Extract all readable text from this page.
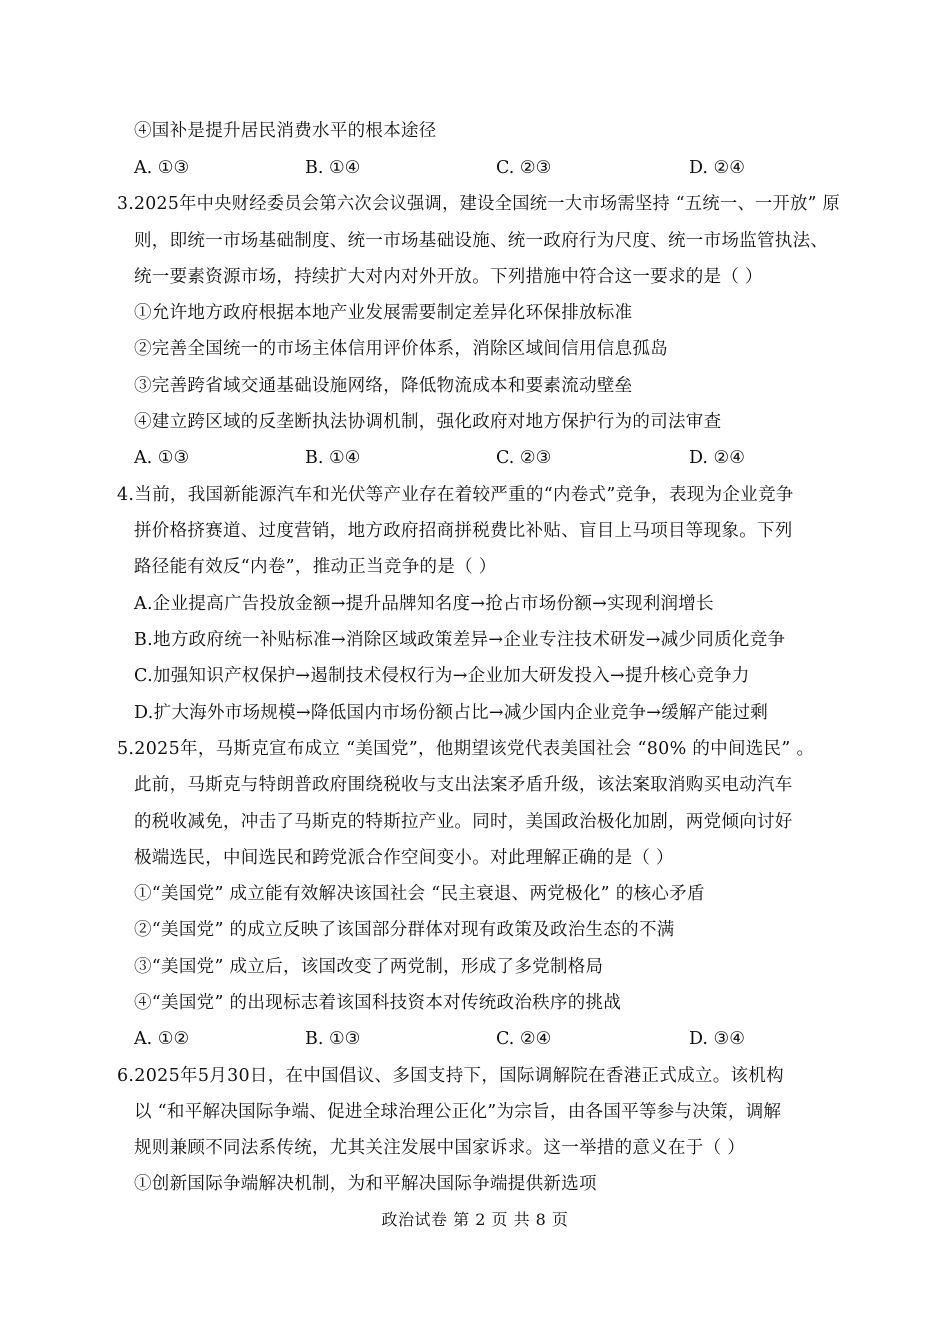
④国补是提升居民消费水平的根本途径
A. ①③	B. ①④	C. ②③	D. ②④
3.2025年中央财经委员会第六次会议强调，建设全国统一大市场需坚持 “五统一、一开放” 原
则，即统一市场基础制度、统一市场基础设施、统一政府行为尺度、统一市场监管执法、
统一要素资源市场，持续扩大对内对外开放。下列措施中符合这一要求的是（ ）
①允许地方政府根据本地产业发展需要制定差异化环保排放标准
②完善全国统一的市场主体信用评价体系，消除区域间信用信息孤岛
③完善跨省域交通基础设施网络，降低物流成本和要素流动壁垒
④建立跨区域的反垄断执法协调机制，强化政府对地方保护行为的司法审查
A. ①③	B. ①④	C. ②③	D. ②④
4.当前，我国新能源汽车和光伏等产业存在着较严重的“内卷式”竞争，表现为企业竞争
拼价格挤赛道、过度营销，地方政府招商拼税费比补贴、盲目上马项目等现象。下列
路径能有效反“内卷”，推动正当竞争的是（ ）
A.企业提高广告投放金额→提升品牌知名度→抢占市场份额→实现利润增长
B.地方政府统一补贴标准→消除区域政策差异→企业专注技术研发→减少同质化竞争
C.加强知识产权保护→遏制技术侵权行为→企业加大研发投入→提升核心竞争力
D.扩大海外市场规模→降低国内市场份额占比→减少国内企业竞争→缓解产能过剩
5.2025年，马斯克宣布成立 “美国党”，他期望该党代表美国社会 “80% 的中间选民” 。
此前，马斯克与特朗普政府围绕税收与支出法案矛盾升级，该法案取消购买电动汽车
的税收减免，冲击了马斯克的特斯拉产业。同时，美国政治极化加剧，两党倾向讨好
极端选民，中间选民和跨党派合作空间变小。对此理解正确的是（ ）
①“美国党” 成立能有效解决该国社会 “民主衰退、两党极化” 的核心矛盾
②“美国党” 的成立反映了该国部分群体对现有政策及政治生态的不满
③“美国党” 成立后，该国改变了两党制，形成了多党制格局
④“美国党” 的出现标志着该国科技资本对传统政治秩序的挑战
A. ①②	B. ①③	C. ②④	D. ③④
6.2025年5月30日，在中国倡议、多国支持下，国际调解院在香港正式成立。该机构
以 “和平解决国际争端、促进全球治理公正化”为宗旨，由各国平等参与决策，调解
规则兼顾不同法系传统，尤其关注发展中国家诉求。这一举措的意义在于（ ）
①创新国际争端解决机制，为和平解决国际争端提供新选项
政治试卷 第 2 页 共 8 页
